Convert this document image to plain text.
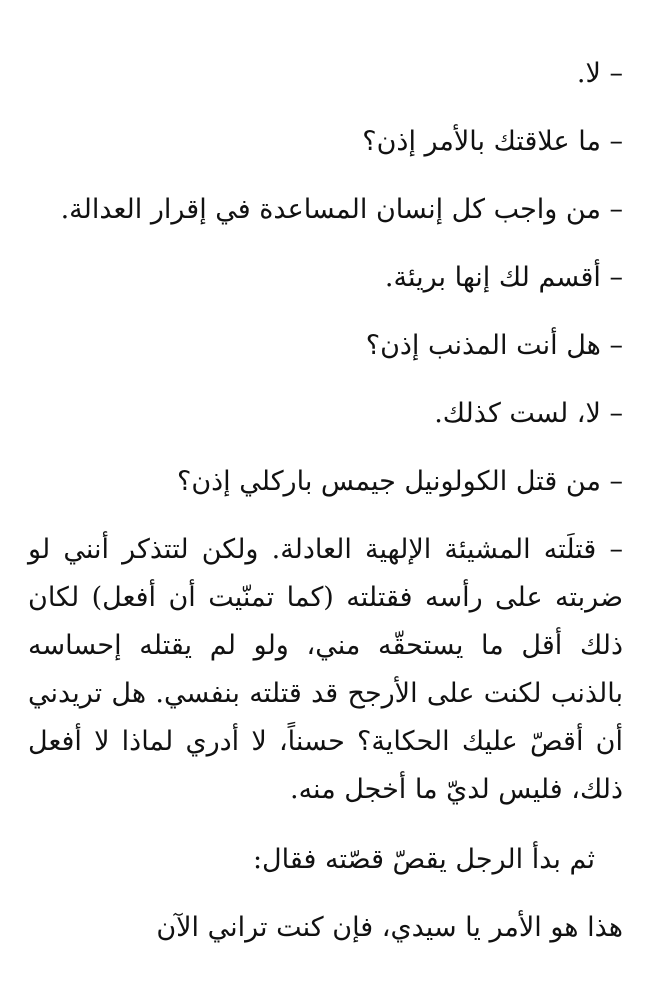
– لا.

– ما علاقتك بالأمر إذن؟

– من واجب كل إنسان المساعدة في إقرار العدالة.

– أقسم لك إنها بريئة.

– هل أنت المذنب إذن؟

– لا، لست كذلك.

– من قتل الكولونيل جيمس باركلي إذن؟

– قتلَته المشيئة الإلهية العادلة. ولكن لتتذكر أنني لو ضربته على رأسه فقتلته (كما تمنّيت أن أفعل) لكان ذلك أقل ما يستحقّه مني، ولو لم يقتله إحساسه بالذنب لكنت على الأرجح قد قتلته بنفسي. هل تريدني أن أقصّ عليك الحكاية؟ حسناً، لا أدري لماذا لا أفعل ذلك، فليس لديّ ما أخجل منه.

ثم بدأ الرجل يقصّ قصّته فقال:

هذا هو الأمر يا سيدي، فإن كنت تراني الآن
